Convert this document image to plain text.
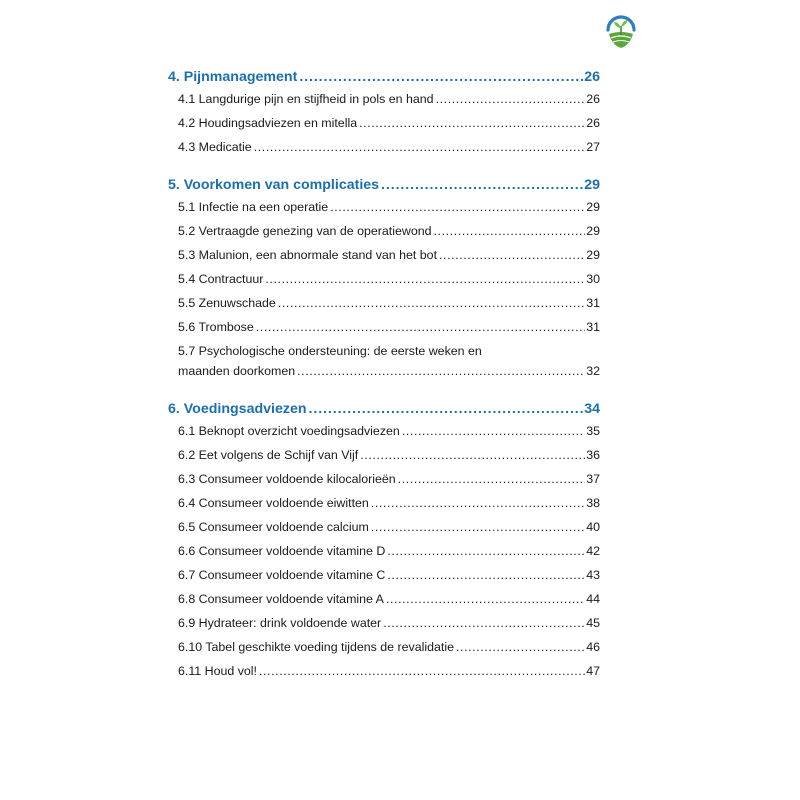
4. Pijnmanagement .....	26
4.1 Langdurige pijn en stijfheid in pols en hand .....	26
4.2 Houdingsadviezen en mitella .....	26
4.3 Medicatie .....	27
5. Voorkomen van complicaties .....	29
5.1 Infectie na een operatie .....	29
5.2 Vertraagde genezing van de operatiewond .....	29
5.3 Malunion, een abnormale stand van het bot .....	29
5.4 Contractuur .....	30
5.5 Zenuwschade .....	31
5.6 Trombose .....	31
5.7 Psychologische ondersteuning: de eerste weken en
maanden doorkomen .....	32
6. Voedingsadviezen .....	34
6.1 Beknopt overzicht voedingsadviezen .....	35
6.2 Eet volgens de Schijf van Vijf .....	36
6.3 Consumeer voldoende kilocalorieën .....	37
6.4 Consumeer voldoende eiwitten .....	38
6.5 Consumeer voldoende calcium .....	40
6.6 Consumeer voldoende vitamine D .....	42
6.7 Consumeer voldoende vitamine C .....	43
6.8 Consumeer voldoende vitamine A .....	44
6.9 Hydrateer: drink voldoende water .....	45
6.10 Tabel geschikte voeding tijdens de revalidatie .....	46
6.11 Houd vol! .....	47
